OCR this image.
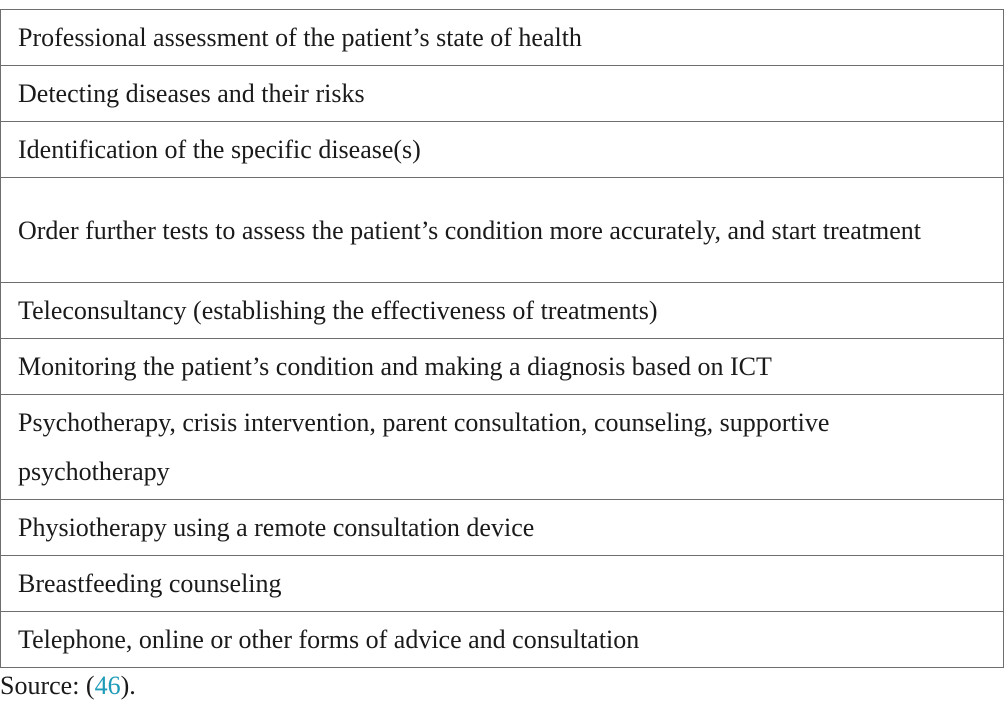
Professional assessment of the patient’s state of health
Detecting diseases and their risks
Identification of the specific disease(s)
Order further tests to assess the patient’s condition more accurately, and start treatment
Teleconsultancy (establishing the effectiveness of treatments)
Monitoring the patient’s condition and making a diagnosis based on ICT
Psychotherapy, crisis intervention, parent consultation, counseling, supportive psychotherapy
Physiotherapy using a remote consultation device
Breastfeeding counseling
Telephone, online or other forms of advice and consultation
Source: (46).
